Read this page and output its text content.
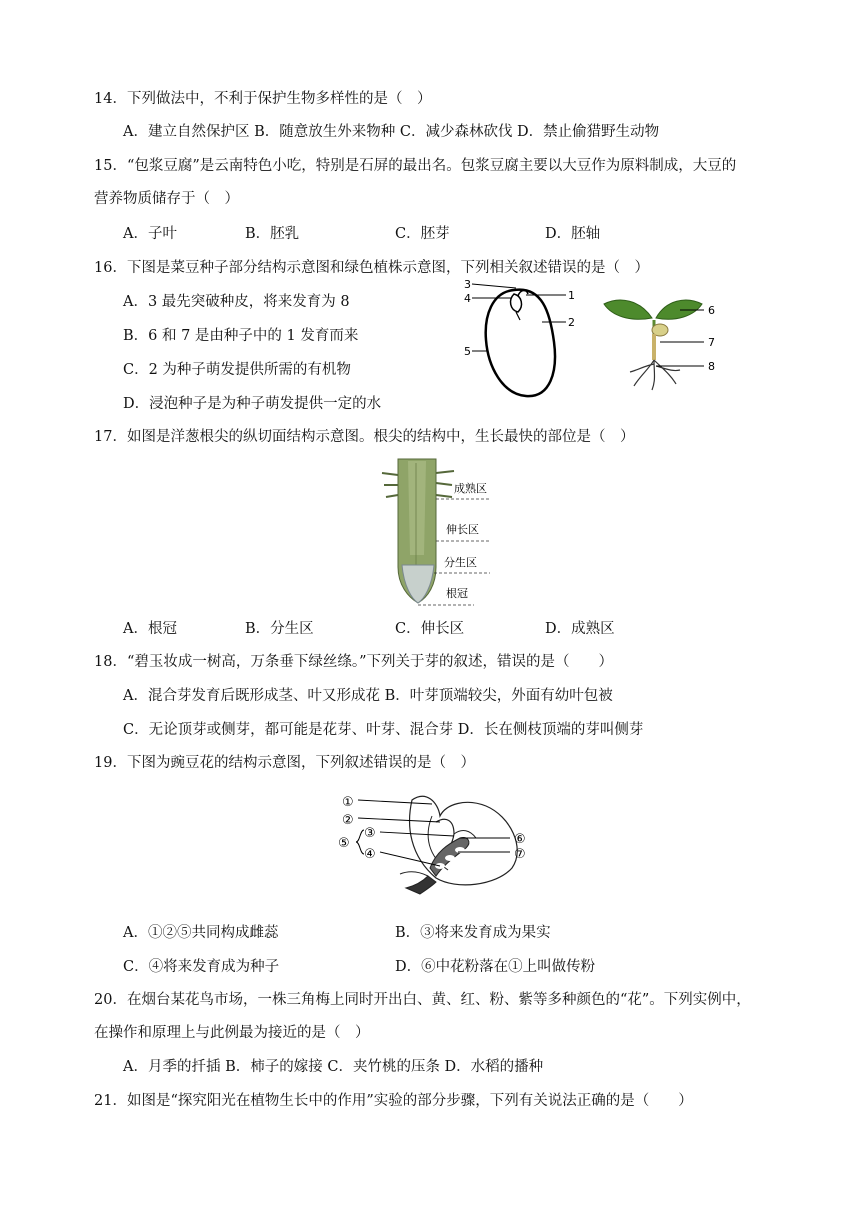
14．下列做法中，不利于保护生物多样性的是（　）
A．建立自然保护区 B．随意放生外来物种 C．减少森林砍伐 D．禁止偷猎野生动物
15．“包浆豆腐”是云南特色小吃，特别是石屏的最出名。包浆豆腐主要以大豆作为原料制成，大豆的
营养物质储存于（　）
A．子叶	B．胚乳	C．胚芽	D．胚轴
16．下图是菜豆种子部分结构示意图和绿色植株示意图，下列相关叙述错误的是（　）
A．3 最先突破种皮，将来发育为 8
B．6 和 7 是由种子中的 1 发育而来
C．2 为种子萌发提供所需的有机物
D．浸泡种子是为种子萌发提供一定的水
3
4	1
2
5
6
7
8
17．如图是洋葱根尖的纵切面结构示意图。根尖的结构中，生长最快的部位是（　）
成熟区
伸长区
分生区
根冠
A．根冠	B．分生区	C．伸长区	D．成熟区
18．“碧玉妆成一树高，万条垂下绿丝绦。”下列关于芽的叙述，错误的是（　　）
A．混合芽发育后既形成茎、叶又形成花 B．叶芽顶端较尖，外面有幼叶包被
C．无论顶芽或侧芽，都可能是花芽、叶芽、混合芽 D．长在侧枝顶端的芽叫侧芽
19．下图为豌豆花的结构示意图，下列叙述错误的是（　）
①
②
③
④
⑤	⑥
⑦
A．①②⑤共同构成雌蕊	B．③将来发育成为果实
C．④将来发育成为种子	D．⑥中花粉落在①上叫做传粉
20．在烟台某花鸟市场，一株三角梅上同时开出白、黄、红、粉、紫等多种颜色的“花”。下列实例中，
在操作和原理上与此例最为接近的是（　）
A．月季的扦插 B．柿子的嫁接 C．夹竹桃的压条 D．水稻的播种
21．如图是“探究阳光在植物生长中的作用”实验的部分步骤，下列有关说法正确的是（　　）
